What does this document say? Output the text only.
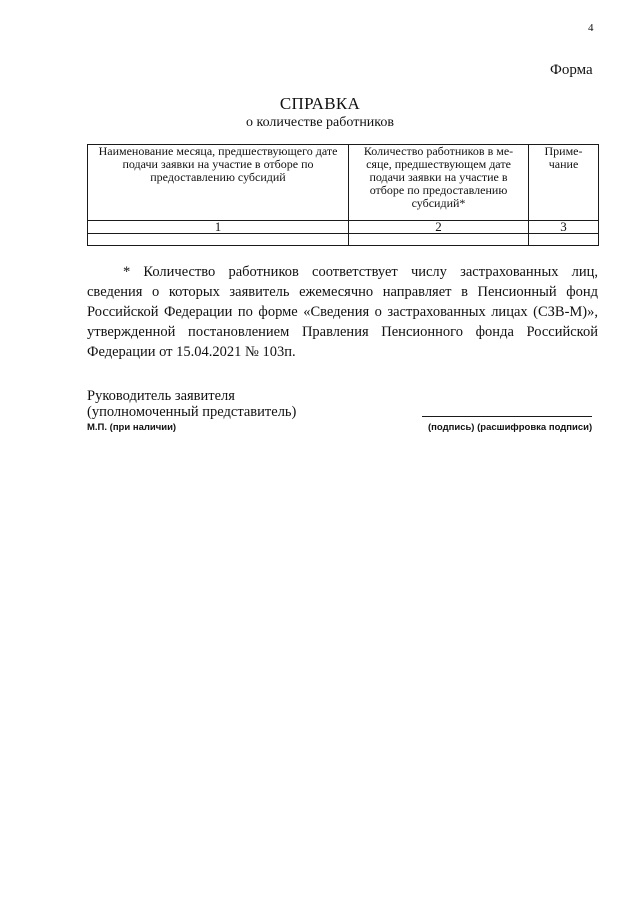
4
Форма
СПРАВКА
о количестве работников
Наименование месяца, предшествующего дате подачи заявки на участие в отборе по предоставлению субсидий	Количество работников в ме-сяце, предшествующем дате подачи заявки на участие в отборе по предоставлению субсидий*	Приме-чание
1	2	3

* Количество работников соответствует числу застрахованных лиц, сведения о которых заявитель ежемесячно направляет в Пенсионный фонд Российской Федерации по форме «Сведения о застрахованных лицах (СЗВ-М)», утвержденной постановлением Правления Пенсионного фонда Российской Федерации от 15.04.2021 № 103п.
Руководитель заявителя
(уполномоченный представитель)
М.П. (при наличии)	(подпись) (расшифровка подписи)
